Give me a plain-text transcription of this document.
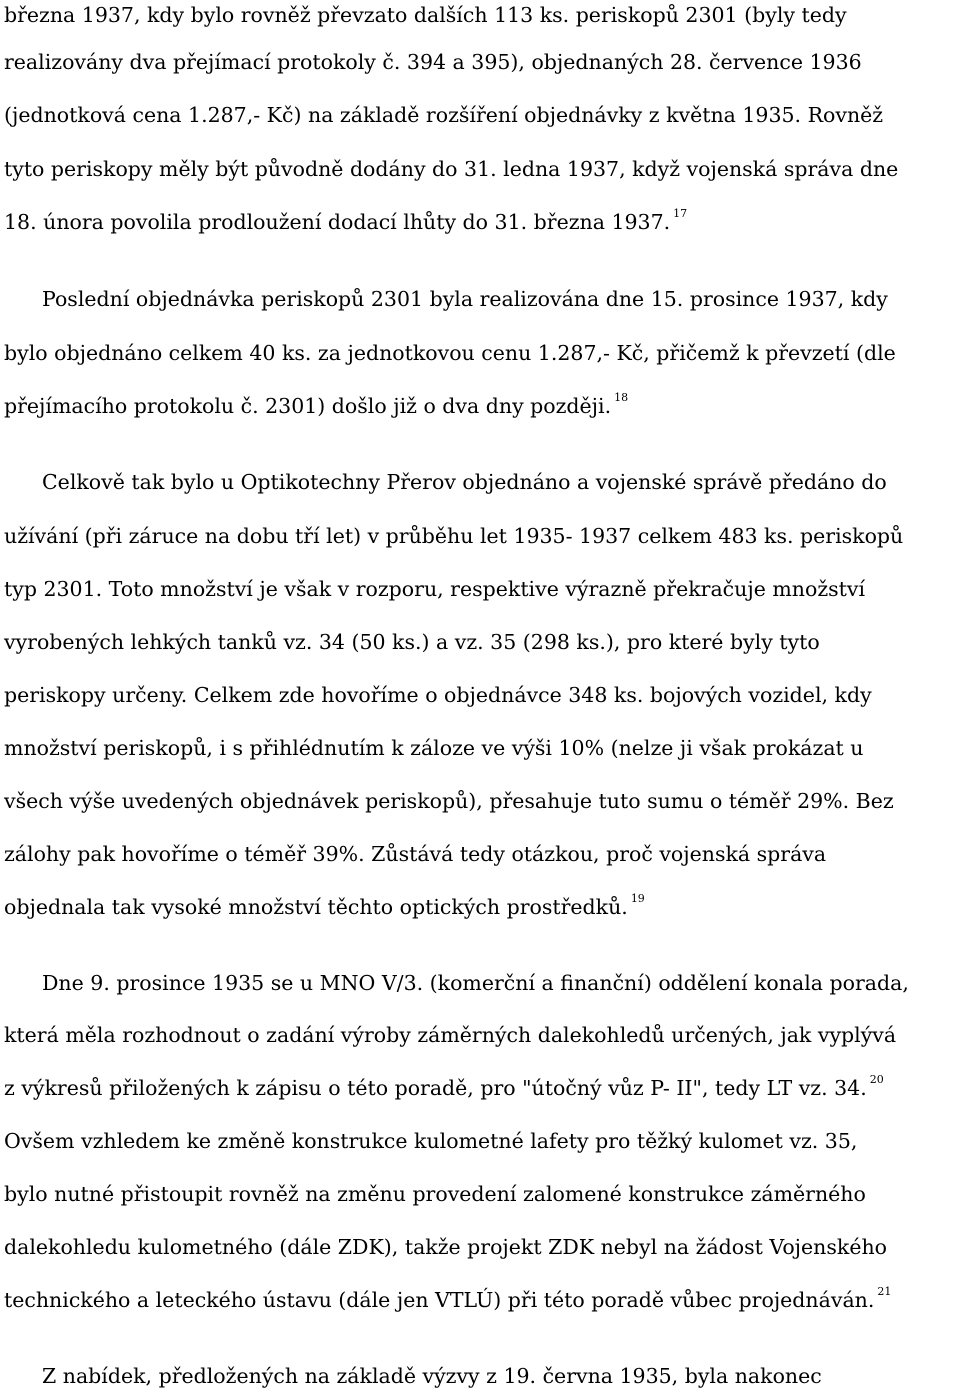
března 1937, kdy bylo rovněž převzato dalších 113 ks. periskopů 2301 (byly tedy
realizovány dva přejímací protokoly č. 394 a 395), objednaných 28. července 1936
(jednotková cena 1.287,- Kč) na základě rozšíření objednávky z května 1935. Rovněž
tyto periskopy měly být původně dodány do 31. ledna 1937, když vojenská správa dne
18. února povolila prodloužení dodací lhůty do 31. března 1937. $^{17}$
Poslední objednávka periskopů 2301 byla realizována dne 15. prosince 1937, kdy
bylo objednáno celkem 40 ks. za jednotkovou cenu 1.287,- Kč, přičemž k převzetí (dle
přejímacího protokolu č. 2301) došlo již o dva dny později. $^{18}$
Celkově tak bylo u Optikotechny Přerov objednáno a vojenské správě předáno do
užívání (při záruce na dobu tří let) v průběhu let 1935- 1937 celkem 483 ks. periskopů
typ 2301. Toto množství je však v rozporu, respektive výrazně překračuje množství
vyrobených lehkých tanků vz. 34 (50 ks.) a vz. 35 (298 ks.), pro které byly tyto
periskopy určeny. Celkem zde hovoříme o objednávce 348 ks. bojových vozidel, kdy
množství periskopů, i s přihlédnutím k záloze ve výši 10% (nelze ji však prokázat u
všech výše uvedených objednávek periskopů), přesahuje tuto sumu o téměř 29%. Bez
zálohy pak hovoříme o téměř 39%. Zůstává tedy otázkou, proč vojenská správa
objednala tak vysoké množství těchto optických prostředků. $^{19}$
Dne 9. prosince 1935 se u MNO V/3. (komerční a finanční) oddělení konala porada,
která měla rozhodnout o zadání výroby záměrných dalekohledů určených, jak vyplývá
z výkresů přiložených k zápisu o této poradě, pro "útočný vůz P- II", tedy LT vz. 34. $^{20}$
Ovšem vzhledem ke změně konstrukce kulometné lafety pro těžký kulomet vz. 35,
bylo nutné přistoupit rovněž na změnu provedení zalomené konstrukce záměrného
dalekohledu kulometného (dále ZDK), takže projekt ZDK nebyl na žádost Vojenského
technického a leteckého ústavu (dále jen VTLÚ) při této poradě vůbec projednáván. $^{21}$
Z nabídek, předložených na základě výzvy z 19. června 1935, byla nakonec
